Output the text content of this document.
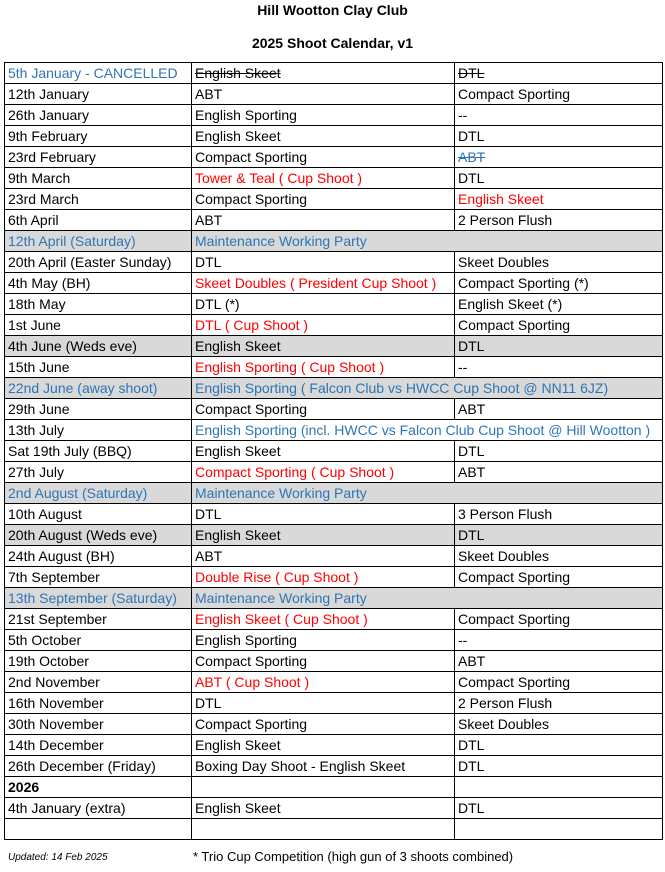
Hill Wootton Clay Club
2025 Shoot Calendar, v1
5th January - CANCELLED	English Skeet	DTL
12th January	ABT	Compact Sporting
26th January	English Sporting	--
9th February	English Skeet	DTL
23rd February	Compact Sporting	ABT
9th March	Tower & Teal ( Cup Shoot )	DTL
23rd March	Compact Sporting	English Skeet
6th April	ABT	2 Person Flush
12th April (Saturday)	Maintenance Working Party	
20th April (Easter Sunday)	DTL	Skeet Doubles
4th May (BH)	Skeet Doubles ( President Cup Shoot )	Compact Sporting (*)
18th May	DTL (*)	English Skeet (*)
1st June	DTL ( Cup Shoot )	Compact Sporting
4th June (Weds eve)	English Skeet	DTL
15th June	English Sporting ( Cup Shoot )	--
22nd June (away shoot)	English Sporting ( Falcon Club vs HWCC Cup Shoot @ NN11 6JZ)	
29th June	Compact Sporting	ABT
13th July	English Sporting (incl. HWCC vs Falcon Club Cup Shoot @ Hill Wootton )	
Sat 19th July (BBQ)	English Skeet	DTL
27th July	Compact Sporting ( Cup Shoot )	ABT
2nd August (Saturday)	Maintenance Working Party	
10th August	DTL	3 Person Flush
20th August (Weds eve)	English Skeet	DTL
24th August (BH)	ABT	Skeet Doubles
7th September	Double Rise ( Cup Shoot )	Compact Sporting
13th September (Saturday)	Maintenance Working Party	
21st September	English Skeet ( Cup Shoot )	Compact Sporting
5th October	English Sporting	--
19th October	Compact Sporting	ABT
2nd November	ABT ( Cup Shoot )	Compact Sporting
16th November	DTL	2 Person Flush
30th November	Compact Sporting	Skeet Doubles
14th December	English Skeet	DTL
26th December (Friday)	Boxing Day Shoot - English Skeet	DTL
2026		
4th January (extra)	English Skeet	DTL

Updated: 14 Feb 2025	* Trio Cup Competition (high gun of 3 shoots combined)
